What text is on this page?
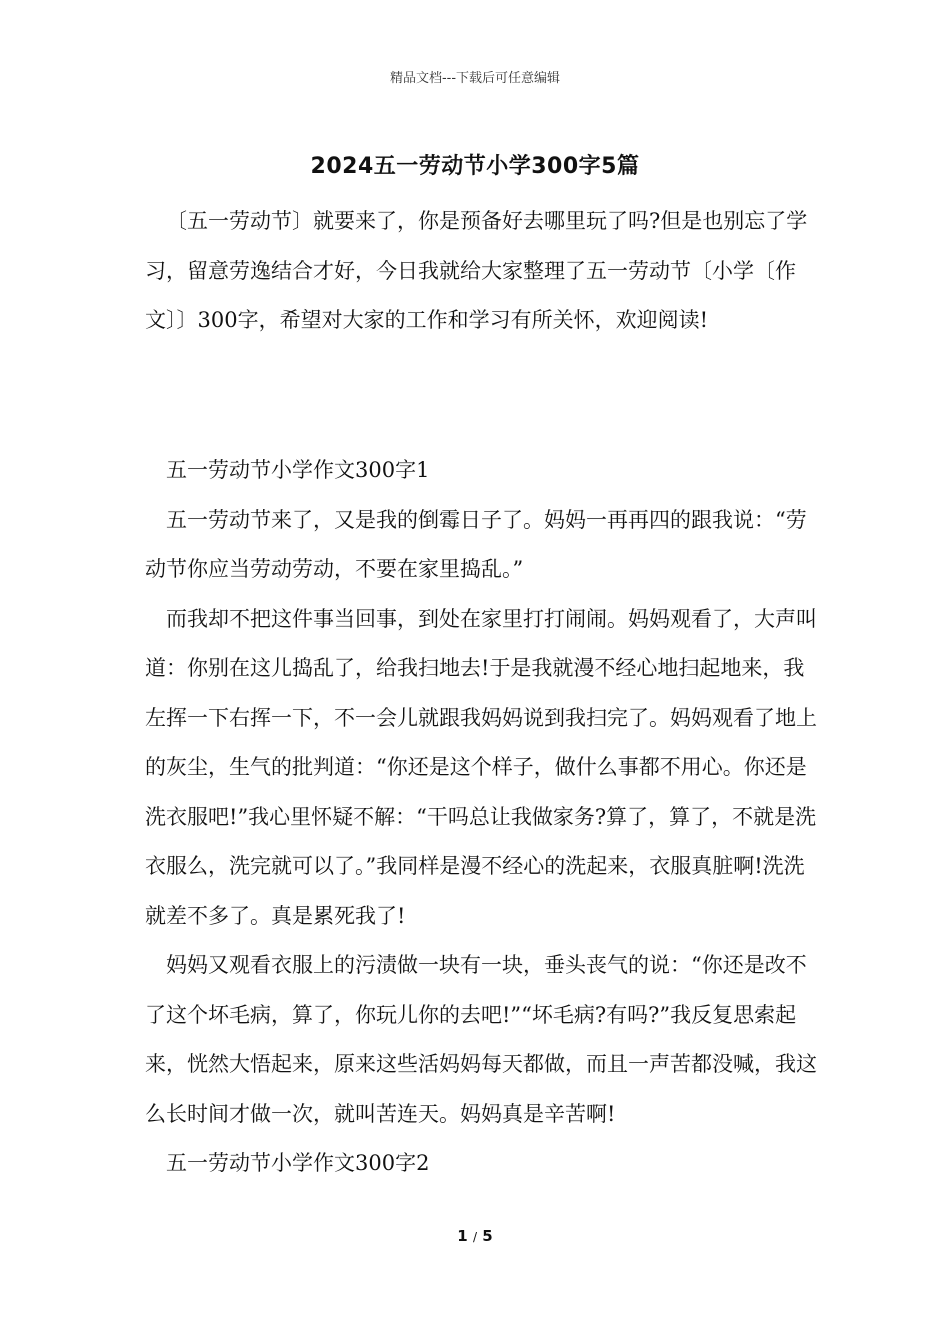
精品文档---下载后可任意编辑
2024五一劳动节小学300字5篇

〔五一劳动节〕就要来了，你是预备好去哪里玩了吗?但是也别忘了学习，留意劳逸结合才好，今日我就给大家整理了五一劳动节〔小学〔作文〕〕300字，希望对大家的工作和学习有所关怀，欢迎阅读!

五一劳动节小学作文300字1

五一劳动节来了，又是我的倒霉日子了。妈妈一再再四的跟我说：“劳动节你应当劳动劳动，不要在家里捣乱。”

而我却不把这件事当回事，到处在家里打打闹闹。妈妈观看了，大声叫道：你别在这儿捣乱了，给我扫地去!于是我就漫不经心地扫起地来，我左挥一下右挥一下，不一会儿就跟我妈妈说到我扫完了。妈妈观看了地上的灰尘，生气的批判道：“你还是这个样子，做什么事都不用心。你还是洗衣服吧!”我心里怀疑不解：“干吗总让我做家务?算了，算了，不就是洗衣服么，洗完就可以了。”我同样是漫不经心的洗起来，衣服真脏啊!洗洗就差不多了。真是累死我了!

妈妈又观看衣服上的污渍做一块有一块，垂头丧气的说：“你还是改不了这个坏毛病，算了，你玩儿你的去吧!”“坏毛病?有吗?”我反复思索起来，恍然大悟起来，原来这些活妈妈每天都做，而且一声苦都没喊，我这么长时间才做一次，就叫苦连天。妈妈真是辛苦啊!

五一劳动节小学作文300字2

1 / 5
